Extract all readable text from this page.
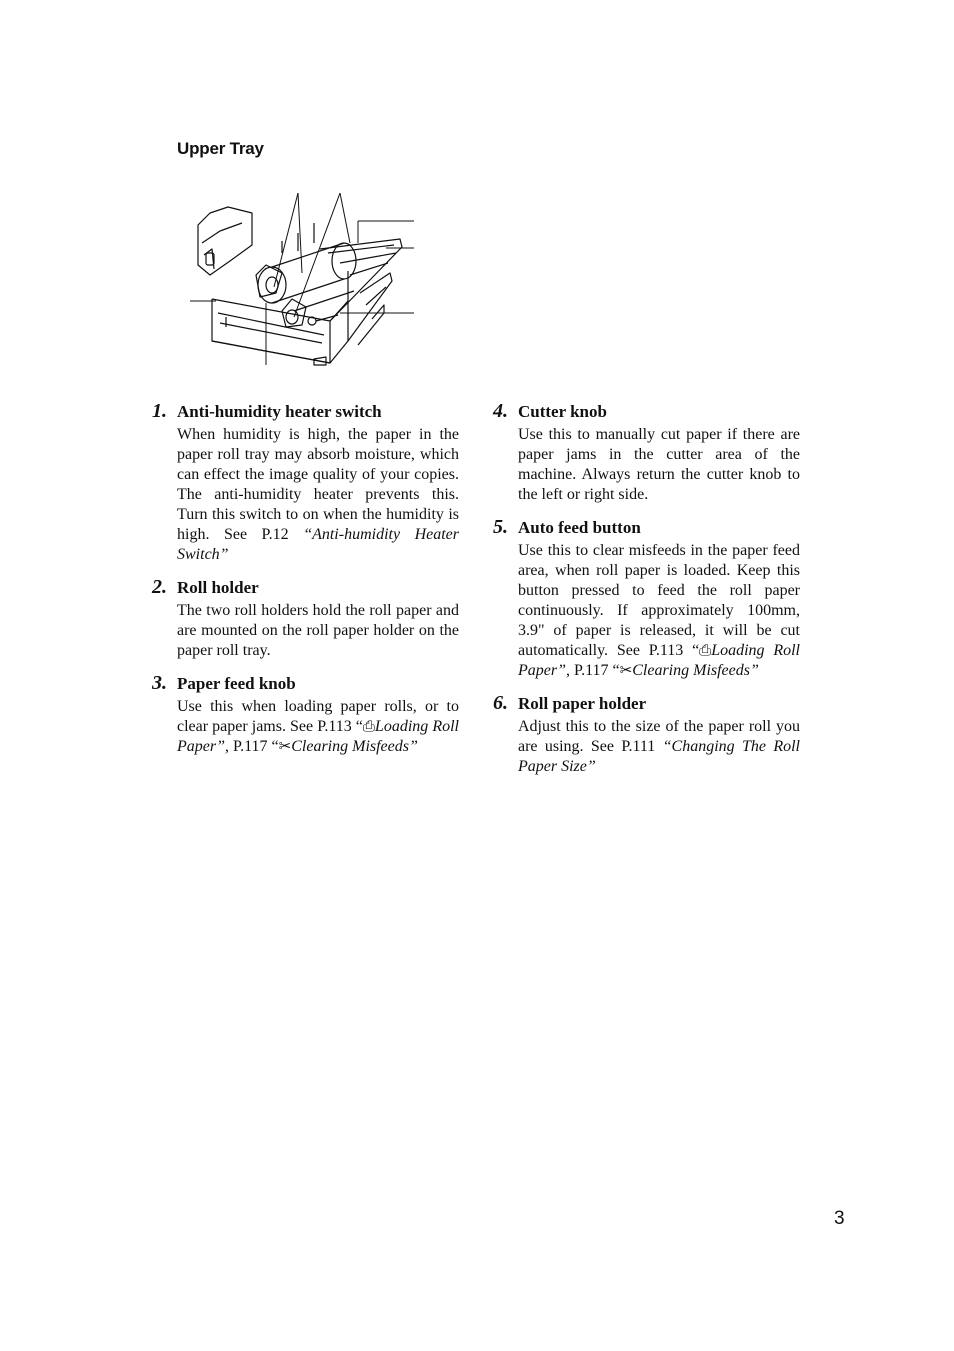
Upper Tray
1. Anti-humidity heater switch
When humidity is high, the paper in the paper roll tray may absorb moisture, which can effect the image quality of your copies. The anti-humidity heater prevents this. Turn this switch to on when the humidity is high. See P.12 “Anti-humidity Heater Switch”
2. Roll holder
The two roll holders hold the roll paper and are mounted on the roll paper holder on the paper roll tray.
3. Paper feed knob
Use this when loading paper rolls, or to clear paper jams. See P.113 “⎙Loading Roll Paper”, P.117 “✂Clearing Misfeeds”
4. Cutter knob
Use this to manually cut paper if there are paper jams in the cutter area of the machine. Always return the cutter knob to the left or right side.
5. Auto feed button
Use this to clear misfeeds in the paper feed area, when roll paper is loaded. Keep this button pressed to feed the roll paper continuously. If approximately 100mm, 3.9" of paper is released, it will be cut automatically. See P.113 “⎙Loading Roll Paper”, P.117 “✂Clearing Misfeeds”
6. Roll paper holder
Adjust this to the size of the paper roll you are using. See P.111 “Changing The Roll Paper Size”
3
